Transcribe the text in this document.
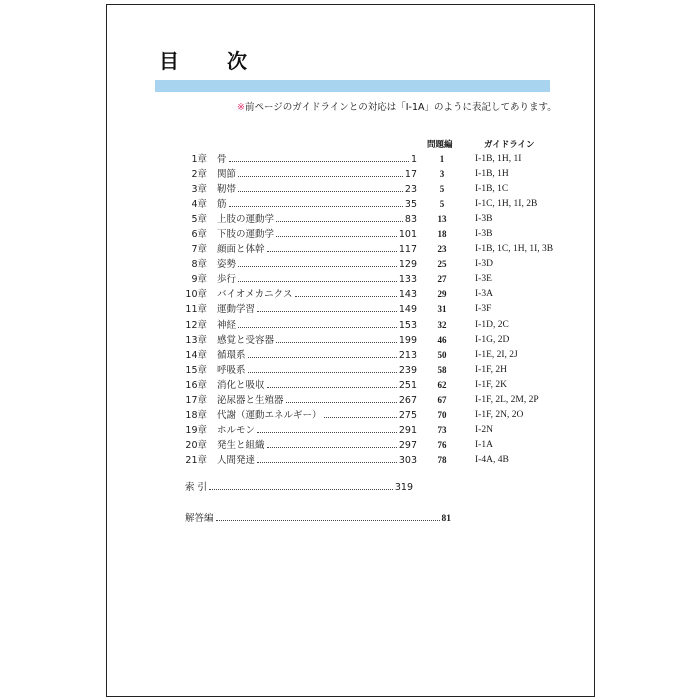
目　次
※前ページのガイドラインとの対応は「I-1A」のように表記してあります。
問題編	ガイドライン
1章 骨	1	1	I-1B, 1H, 1I
2章 関節	17	3	I-1B, 1H
3章 靭帯	23	5	I-1B, 1C
4章 筋	35	5	I-1C, 1H, 1I, 2B
5章 上肢の運動学	83	13	I-3B
6章 下肢の運動学	101	18	I-3B
7章 顔面と体幹	117	23	I-1B, 1C, 1H, 1I, 3B
8章 姿勢	129	25	I-3D
9章 歩行	133	27	I-3E
10章 バイオメカニクス	143	29	I-3A
11章 運動学習	149	31	I-3F
12章 神経	153	32	I-1D, 2C
13章 感覚と受容器	199	46	I-1G, 2D
14章 循環系	213	50	I-1E, 2I, 2J
15章 呼吸系	239	58	I-1F, 2H
16章 消化と吸収	251	62	I-1F, 2K
17章 泌尿器と生殖器	267	67	I-1F, 2L, 2M, 2P
18章 代謝（運動エネルギー）	275	70	I-1F, 2N, 2O
19章 ホルモン	291	73	I-2N
20章 発生と組織	297	76	I-1A
21章 人間発達	303	78	I-4A, 4B
索 引	319
解答編	81
